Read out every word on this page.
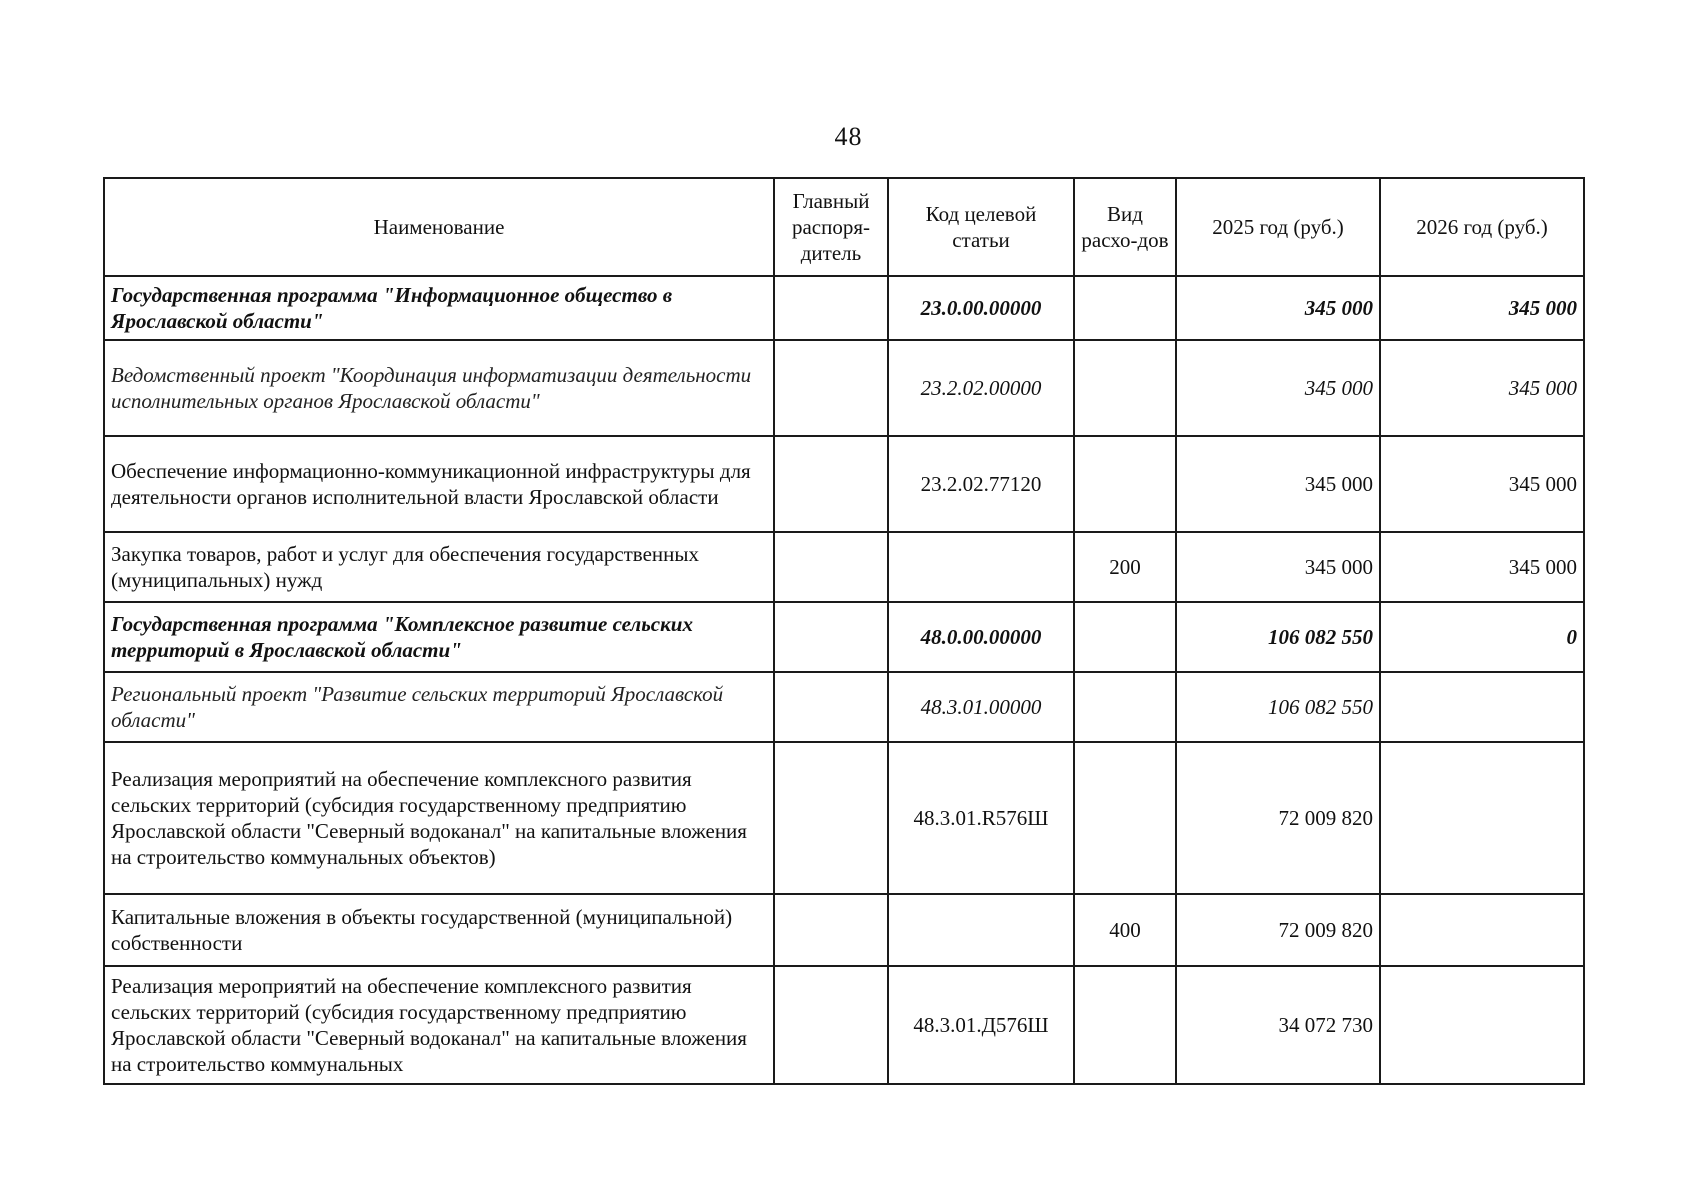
48
Наименование	Главный распоря-дитель	Код целевой статьи	Вид расхо-дов	2025 год (руб.)	2026 год (руб.)
Государственная программа "Информационное общество в Ярославской области"		23.0.00.00000		345 000	345 000
Ведомственный проект "Координация информатизации деятельности исполнительных органов Ярославской области"		23.2.02.00000		345 000	345 000
Обеспечение информационно-коммуникационной инфраструктуры для деятельности органов исполнительной власти Ярославской области		23.2.02.77120		345 000	345 000
Закупка товаров, работ и услуг для обеспечения государственных (муниципальных) нужд			200	345 000	345 000
Государственная программа "Комплексное развитие сельских территорий в Ярославской области"		48.0.00.00000		106 082 550	0
Региональный проект "Развитие сельских территорий Ярославской области"		48.3.01.00000		106 082 550	
Реализация мероприятий на обеспечение комплексного развития сельских территорий (субсидия государственному предприятию Ярославской области "Северный водоканал" на капитальные вложения на строительство коммунальных объектов)		48.3.01.R576Ш		72 009 820	
Капитальные вложения в объекты государственной (муниципальной) собственности			400	72 009 820	
Реализация мероприятий на обеспечение комплексного развития сельских территорий (субсидия государственному предприятию Ярославской области "Северный водоканал" на капитальные вложения на строительство коммунальных		48.3.01.Д576Ш		34 072 730	
